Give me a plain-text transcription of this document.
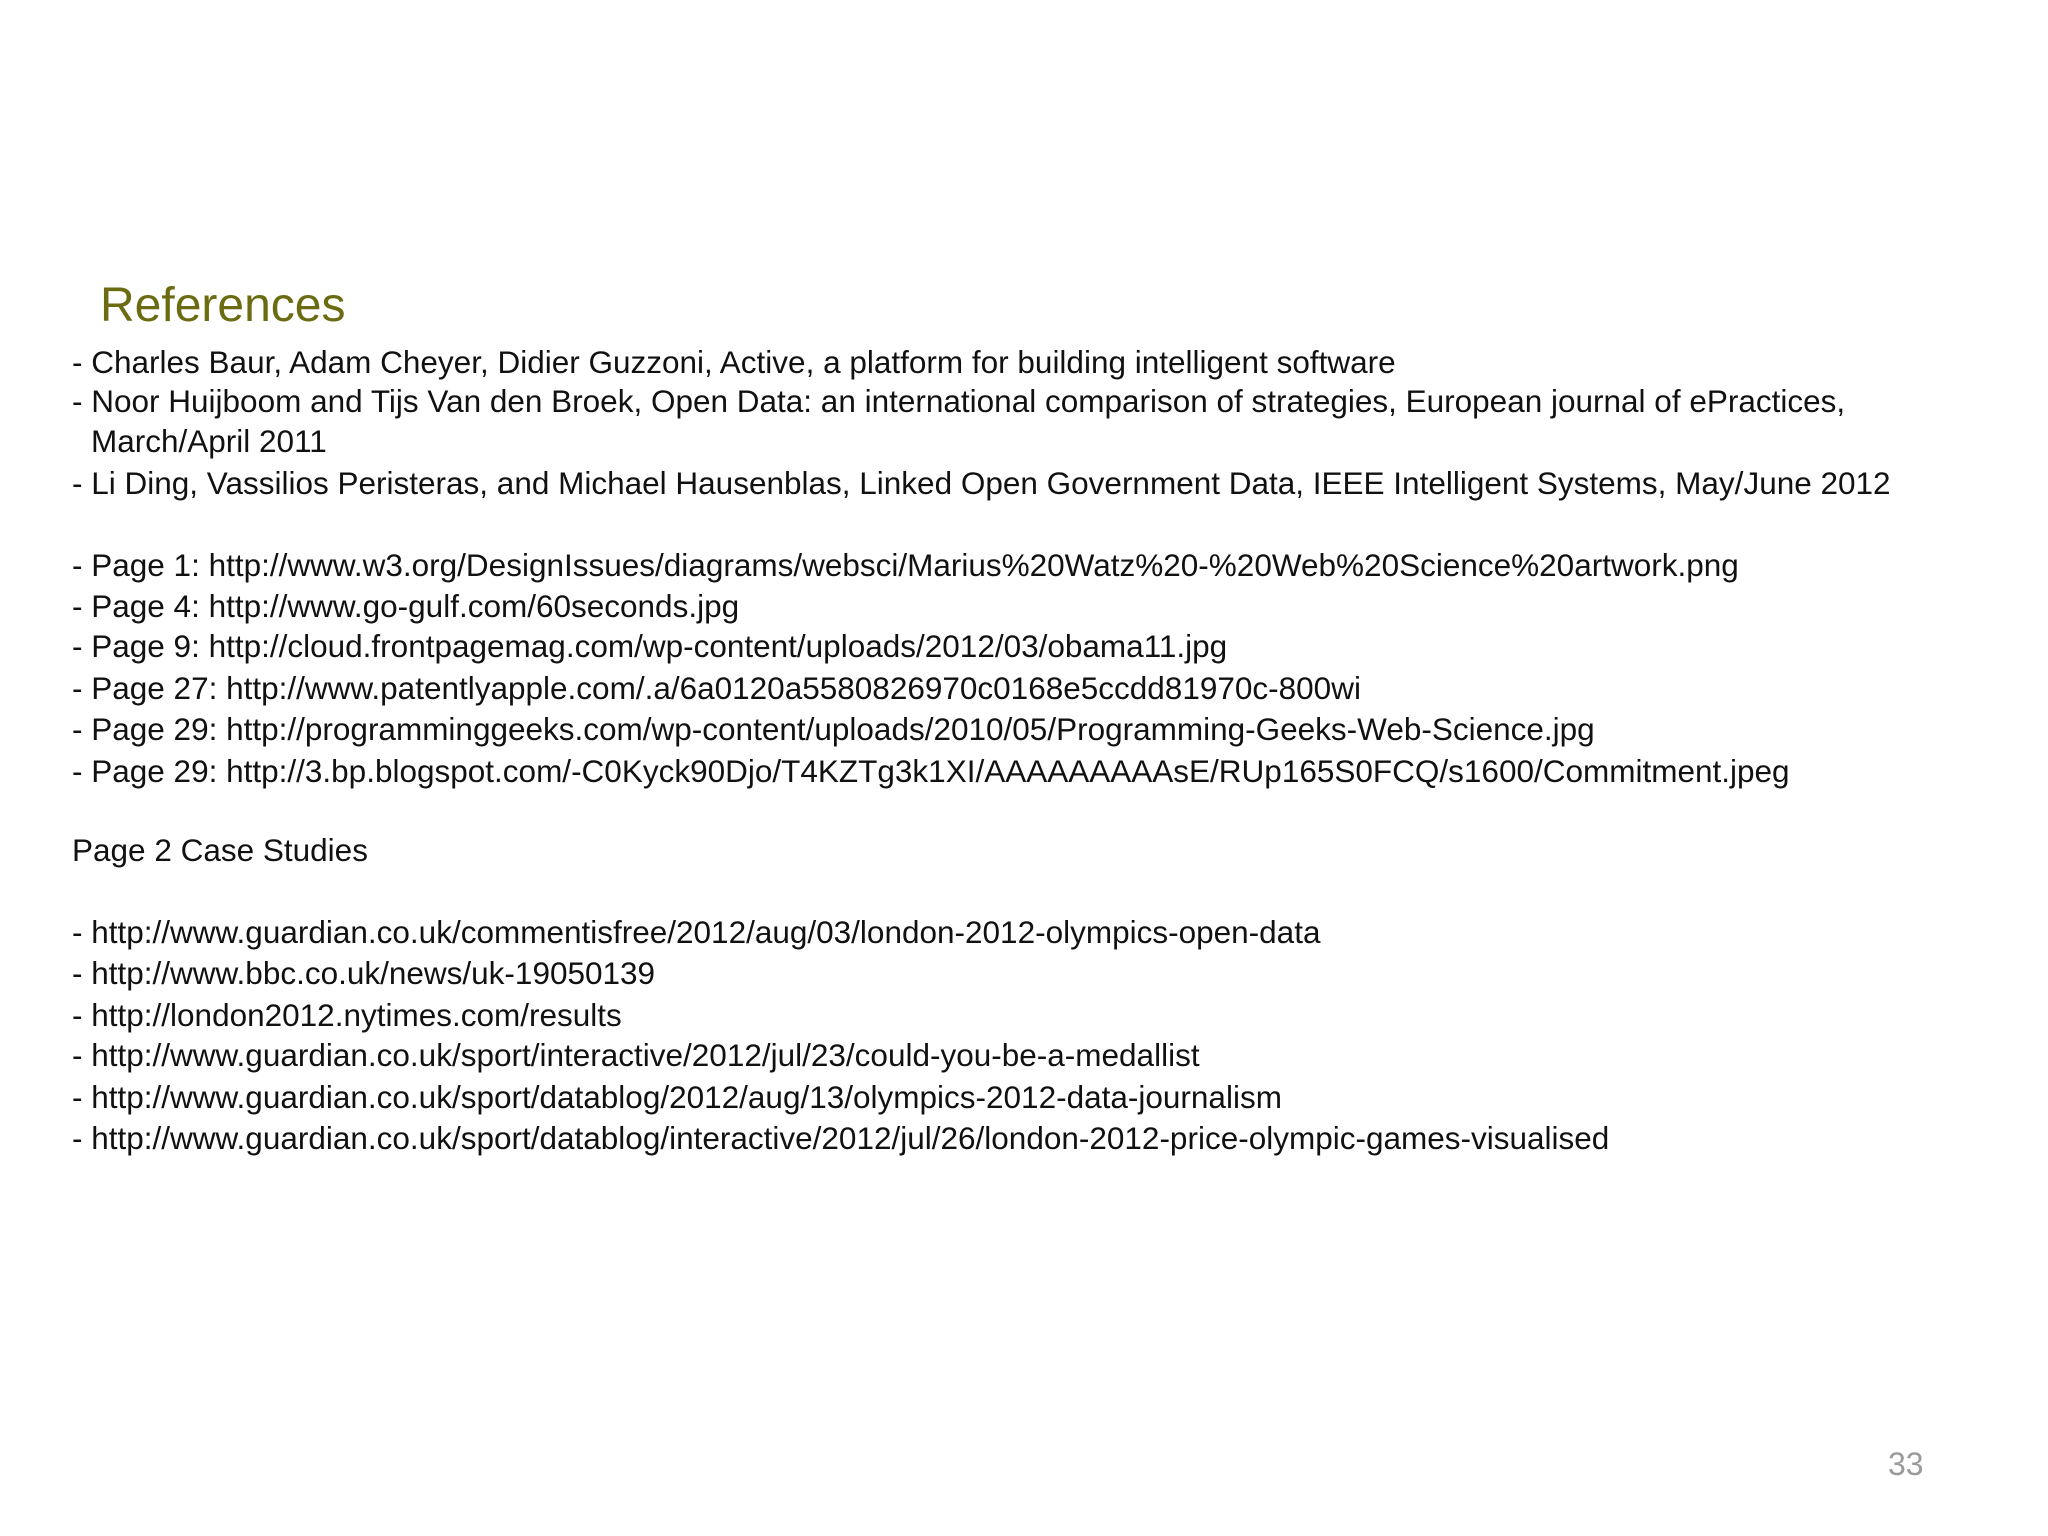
References
- Charles Baur, Adam Cheyer, Didier Guzzoni, Active, a platform for building intelligent software
- Noor Huijboom and Tijs Van den Broek, Open Data: an international comparison of strategies, European journal of ePractices,
March/April 2011
- Li Ding, Vassilios Peristeras, and Michael Hausenblas, Linked Open Government Data, IEEE Intelligent Systems, May/June 2012
- Page 1: http://www.w3.org/DesignIssues/diagrams/websci/Marius%20Watz%20-%20Web%20Science%20artwork.png
- Page 4: http://www.go-gulf.com/60seconds.jpg
- Page 9: http://cloud.frontpagemag.com/wp-content/uploads/2012/03/obama11.jpg
- Page 27: http://www.patentlyapple.com/.a/6a0120a5580826970c0168e5ccdd81970c-800wi
- Page 29: http://programminggeeks.com/wp-content/uploads/2010/05/Programming-Geeks-Web-Science.jpg
- Page 29: http://3.bp.blogspot.com/-C0Kyck90Djo/T4KZTg3k1XI/AAAAAAAAAsE/RUp165S0FCQ/s1600/Commitment.jpeg
Page 2 Case Studies
- http://www.guardian.co.uk/commentisfree/2012/aug/03/london-2012-olympics-open-data
- http://www.bbc.co.uk/news/uk-19050139
- http://london2012.nytimes.com/results
- http://www.guardian.co.uk/sport/interactive/2012/jul/23/could-you-be-a-medallist
- http://www.guardian.co.uk/sport/datablog/2012/aug/13/olympics-2012-data-journalism
- http://www.guardian.co.uk/sport/datablog/interactive/2012/jul/26/london-2012-price-olympic-games-visualised
33
